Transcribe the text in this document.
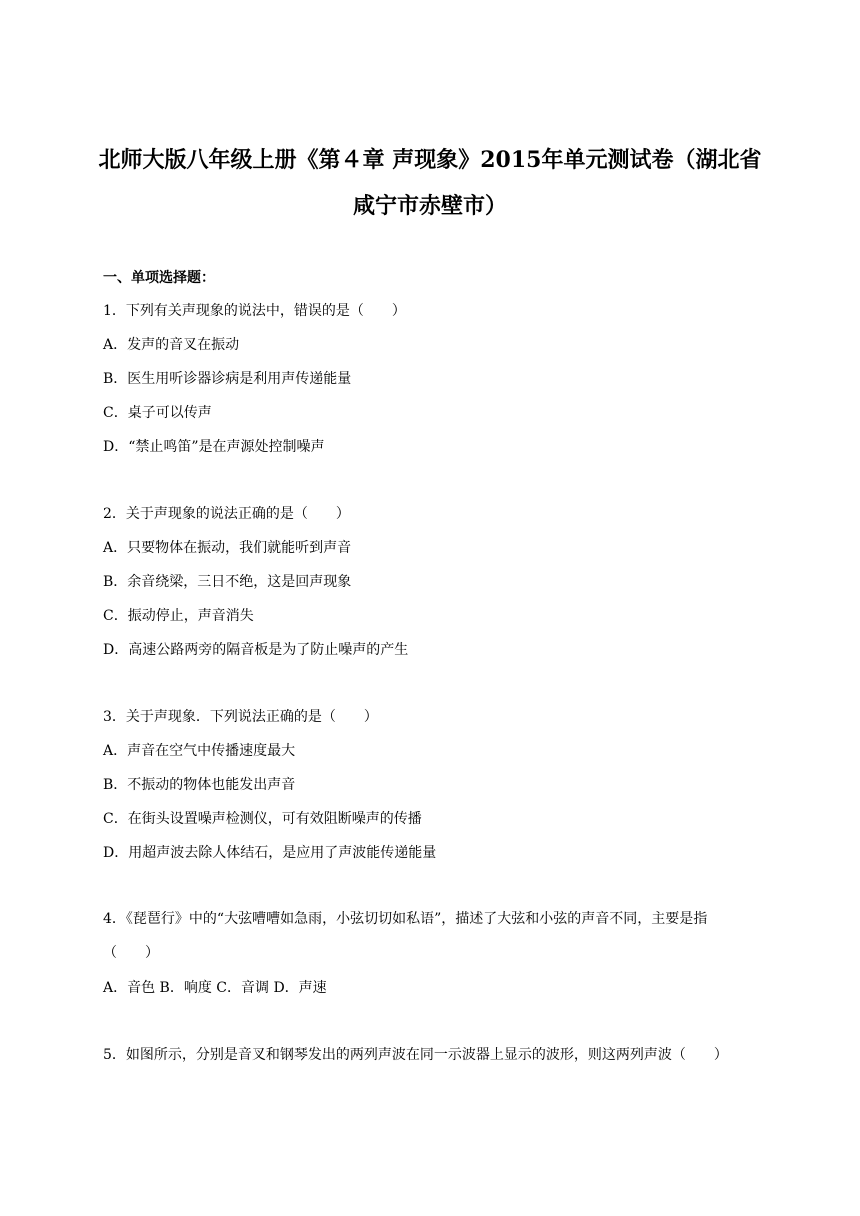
北师大版八年级上册《第４章 声现象》2015年单元测试卷（湖北省
咸宁市赤壁市）
一、单项选择题：
1．下列有关声现象的说法中，错误的是（　　）
A．发声的音叉在振动
B．医生用听诊器诊病是利用声传递能量
C．桌子可以传声
D．“禁止鸣笛”是在声源处控制噪声
2．关于声现象的说法正确的是（　　）
A．只要物体在振动，我们就能听到声音
B．余音绕梁，三日不绝，这是回声现象
C．振动停止，声音消失
D．高速公路两旁的隔音板是为了防止噪声的产生
3．关于声现象．下列说法正确的是（　　）
A．声音在空气中传播速度最大
B．不振动的物体也能发出声音
C．在街头设置噪声检测仪，可有效阻断噪声的传播
D．用超声波去除人体结石，是应用了声波能传递能量
4．《琵琶行》中的“大弦嘈嘈如急雨，小弦切切如私语”，描述了大弦和小弦的声音不同，主要是指
（　　）
A．音色 B．响度 C．音调 D．声速
5．如图所示，分别是音叉和钢琴发出的两列声波在同一示波器上显示的波形，则这两列声波（　　）
